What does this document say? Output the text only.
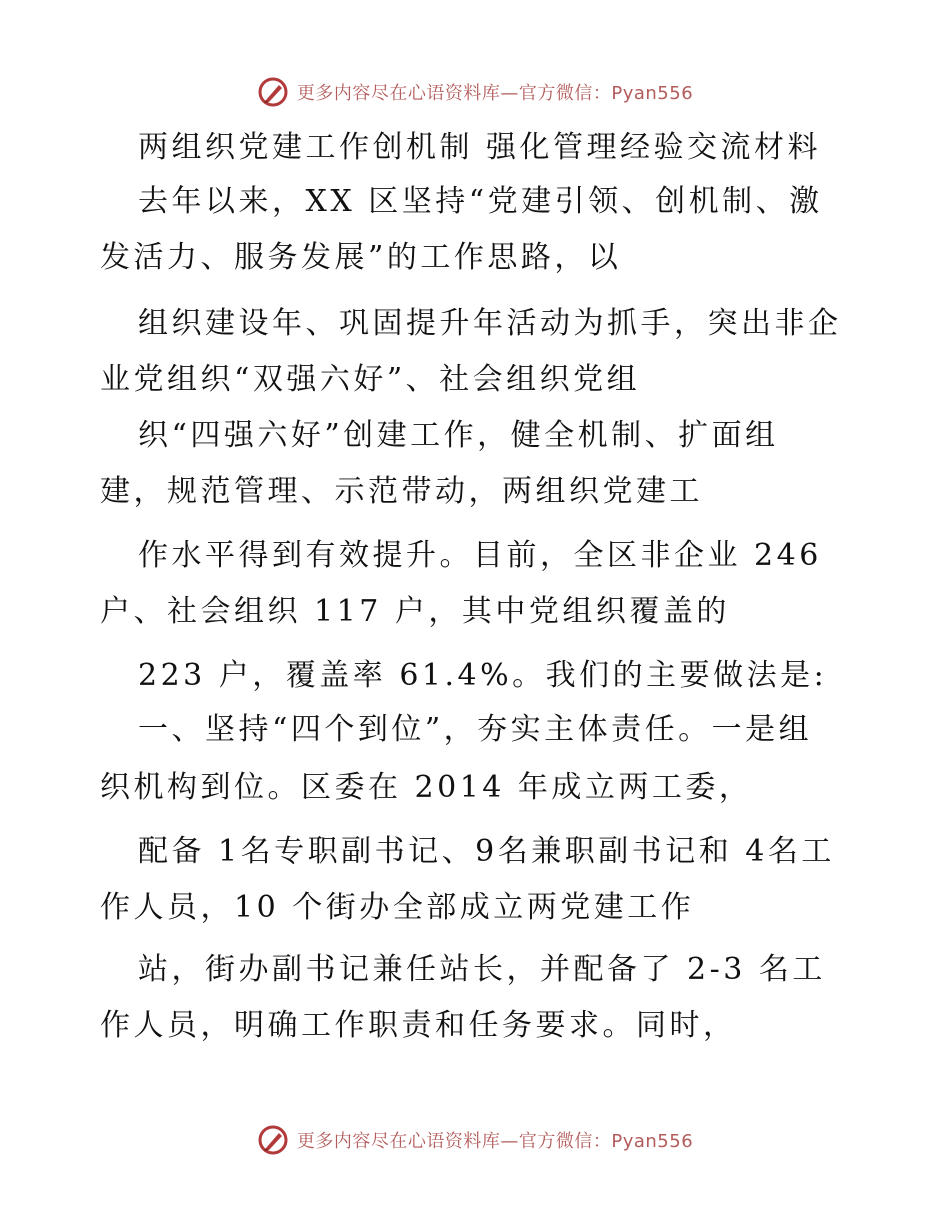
更多内容尽在心语资料库—官方微信：Pyan556
两组织党建工作创机制 强化管理经验交流材料
去年以来，XX 区坚持“党建引领、创机制、激
发活力、服务发展”的工作思路，以
组织建设年、巩固提升年活动为抓手，突出非企
业党组织“双强六好”、社会组织党组
织“四强六好”创建工作，健全机制、扩面组
建，规范管理、示范带动，两组织党建工
作水平得到有效提升。目前，全区非企业 246
户、社会组织 117 户，其中党组织覆盖的
223 户，覆盖率 61.4%。我们的主要做法是:
一、坚持“四个到位”，夯实主体责任。一是组
织机构到位。区委在 2014 年成立两工委，
配备 1名专职副书记、9名兼职副书记和 4名工
作人员，10 个街办全部成立两党建工作
站，街办副书记兼任站长，并配备了 2-3 名工
作人员，明确工作职责和任务要求。同时，
更多内容尽在心语资料库—官方微信：Pyan556
